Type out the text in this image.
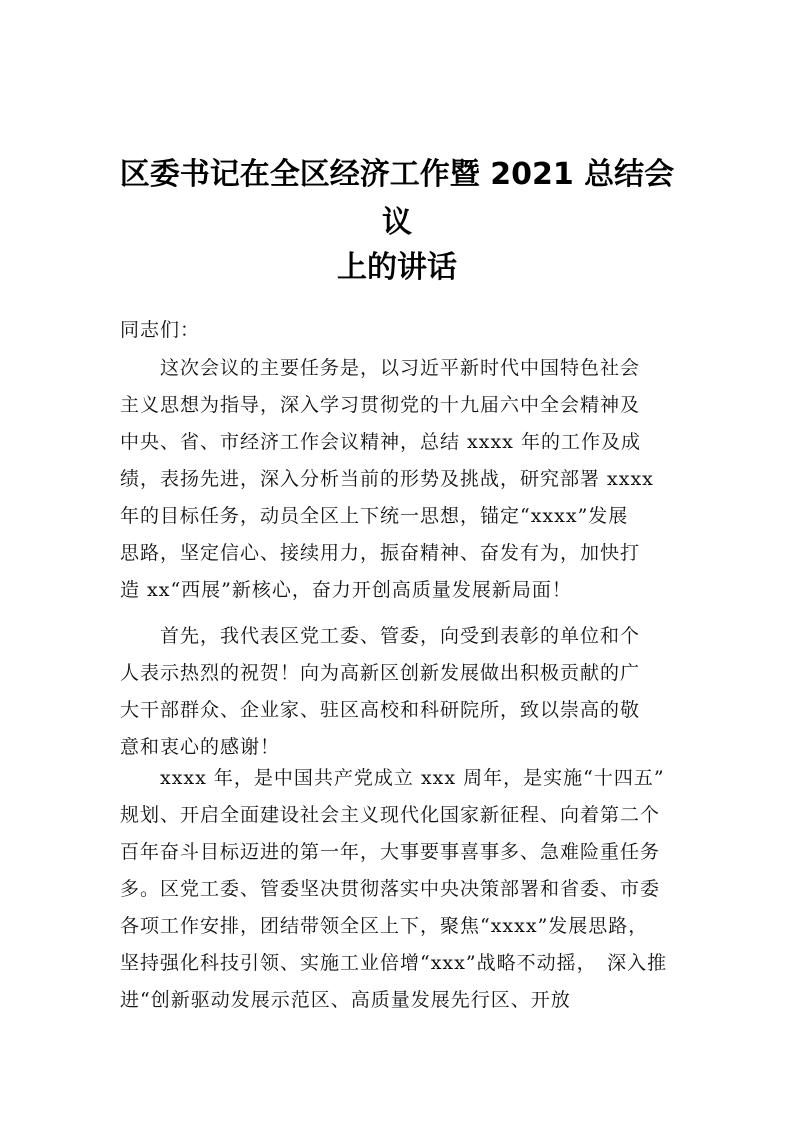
区委书记在全区经济工作暨 2021 总结会
议
上的讲话
同志们：
这次会议的主要任务是，以习近平新时代中国特色社会
主义思想为指导，深入学习贯彻党的十九届六中全会精神及
中央、省、市经济工作会议精神，总结 xxxx 年的工作及成
绩，表扬先进，深入分析当前的形势及挑战，研究部署 xxxx
年的目标任务，动员全区上下统一思想，锚定“xxxx”发展
思路，坚定信心、接续用力，振奋精神、奋发有为，加快打
造 xx“西展”新核心，奋力开创高质量发展新局面！
首先，我代表区党工委、管委，向受到表彰的单位和个
人表示热烈的祝贺！向为高新区创新发展做出积极贡献的广
大干部群众、企业家、驻区高校和科研院所，致以崇高的敬
意和衷心的感谢！
xxxx 年，是中国共产党成立 xxx 周年，是实施“十四五”
规划、开启全面建设社会主义现代化国家新征程、向着第二个
百年奋斗目标迈进的第一年，大事要事喜事多、急难险重任务
多。区党工委、管委坚决贯彻落实中央决策部署和省委、市委
各项工作安排，团结带领全区上下，聚焦“xxxx”发展思路，
坚持强化科技引领、实施工业倍增“xxx”战略不动摇，　深入推
进“创新驱动发展示范区、高质量发展先行区、开放
